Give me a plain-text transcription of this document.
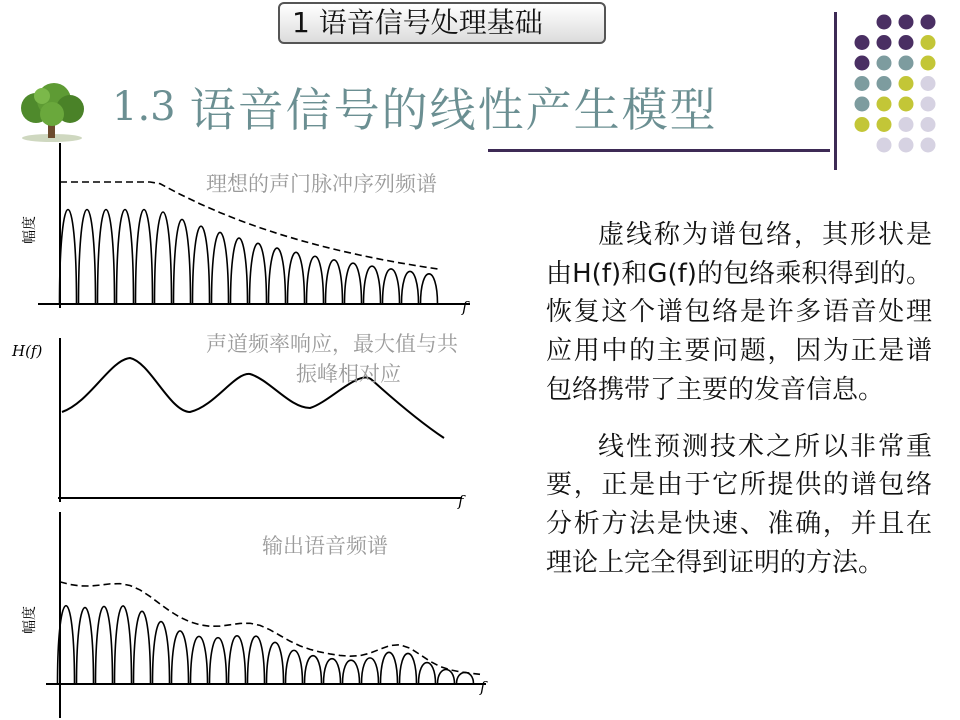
1 语音信号处理基础
1.3 语音信号的线性产生模型
幅度
幅度
H(f)
f
f
f
理想的声门脉冲序列频谱
声道频率响应，最大值与共
振峰相对应
输出语音频谱

虚线称为谱包络，其形状是由H(f)和G(f)的包络乘积得到的。恢复这个谱包络是许多语音处理应用中的主要问题，因为正是谱包络携带了主要的发音信息。

线性预测技术之所以非常重要，正是由于它所提供的谱包络分析方法是快速、准确，并且在理论上完全得到证明的方法。
